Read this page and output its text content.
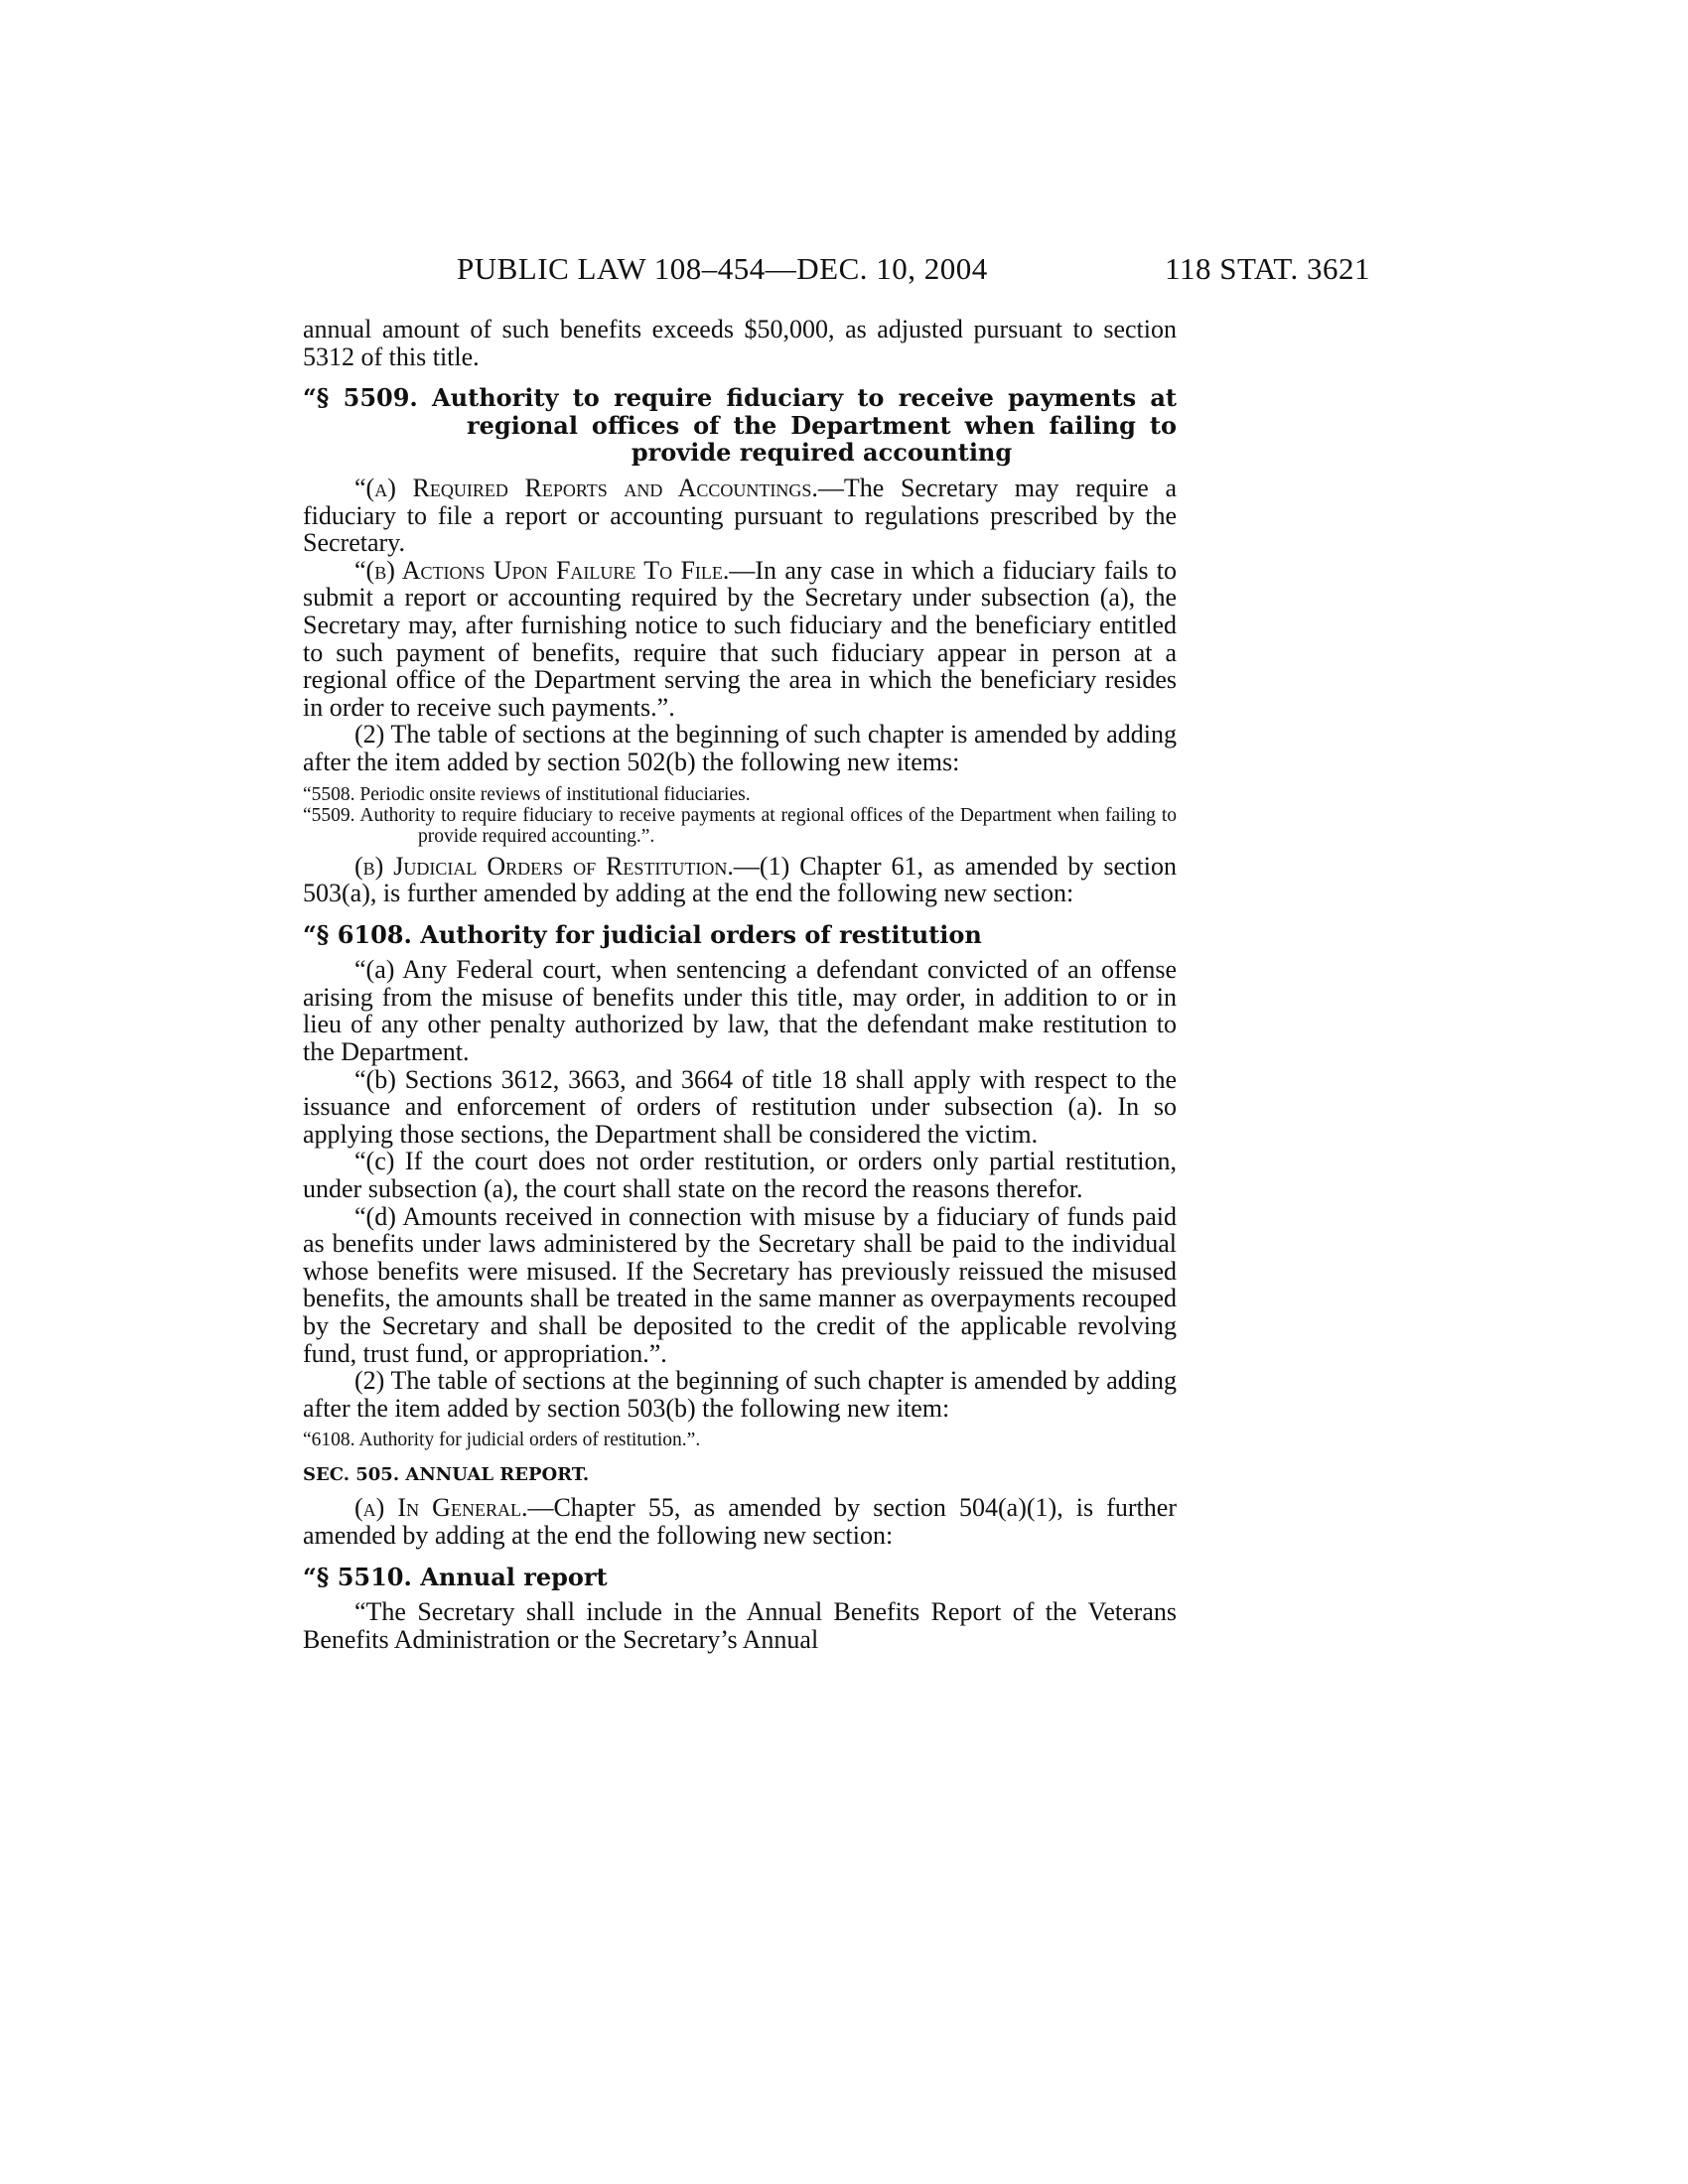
PUBLIC LAW 108–454—DEC. 10, 2004	118 STAT. 3621

annual amount of such benefits exceeds $50,000, as adjusted pursuant to section 5312 of this title.

“§ 5509. Authority to require fiduciary to receive payments at regional offices of the Department when failing to provide required accounting

“(a) Required Reports and Accountings.—The Secretary may require a fiduciary to file a report or accounting pursuant to regulations prescribed by the Secretary.

“(b) Actions Upon Failure To File.—In any case in which a fiduciary fails to submit a report or accounting required by the Secretary under subsection (a), the Secretary may, after furnishing notice to such fiduciary and the beneficiary entitled to such payment of benefits, require that such fiduciary appear in person at a regional office of the Department serving the area in which the beneficiary resides in order to receive such payments.”.

(2) The table of sections at the beginning of such chapter is amended by adding after the item added by section 502(b) the following new items:

“5508. Periodic onsite reviews of institutional fiduciaries.
“5509. Authority to require fiduciary to receive payments at regional offices of the Department when failing to provide required accounting.”.

(b) Judicial Orders of Restitution.—(1) Chapter 61, as amended by section 503(a), is further amended by adding at the end the following new section:

“§ 6108. Authority for judicial orders of restitution

“(a) Any Federal court, when sentencing a defendant convicted of an offense arising from the misuse of benefits under this title, may order, in addition to or in lieu of any other penalty authorized by law, that the defendant make restitution to the Department.

“(b) Sections 3612, 3663, and 3664 of title 18 shall apply with respect to the issuance and enforcement of orders of restitution under subsection (a). In so applying those sections, the Department shall be considered the victim.

“(c) If the court does not order restitution, or orders only partial restitution, under subsection (a), the court shall state on the record the reasons therefor.

“(d) Amounts received in connection with misuse by a fiduciary of funds paid as benefits under laws administered by the Secretary shall be paid to the individual whose benefits were misused. If the Secretary has previously reissued the misused benefits, the amounts shall be treated in the same manner as overpayments recouped by the Secretary and shall be deposited to the credit of the applicable revolving fund, trust fund, or appropriation.”.

(2) The table of sections at the beginning of such chapter is amended by adding after the item added by section 503(b) the following new item:

“6108. Authority for judicial orders of restitution.”.
SEC. 505. ANNUAL REPORT.

(a) In General.—Chapter 55, as amended by section 504(a)(1), is further amended by adding at the end the following new section:

“§ 5510. Annual report

“The Secretary shall include in the Annual Benefits Report of the Veterans Benefits Administration or the Secretary’s Annual
